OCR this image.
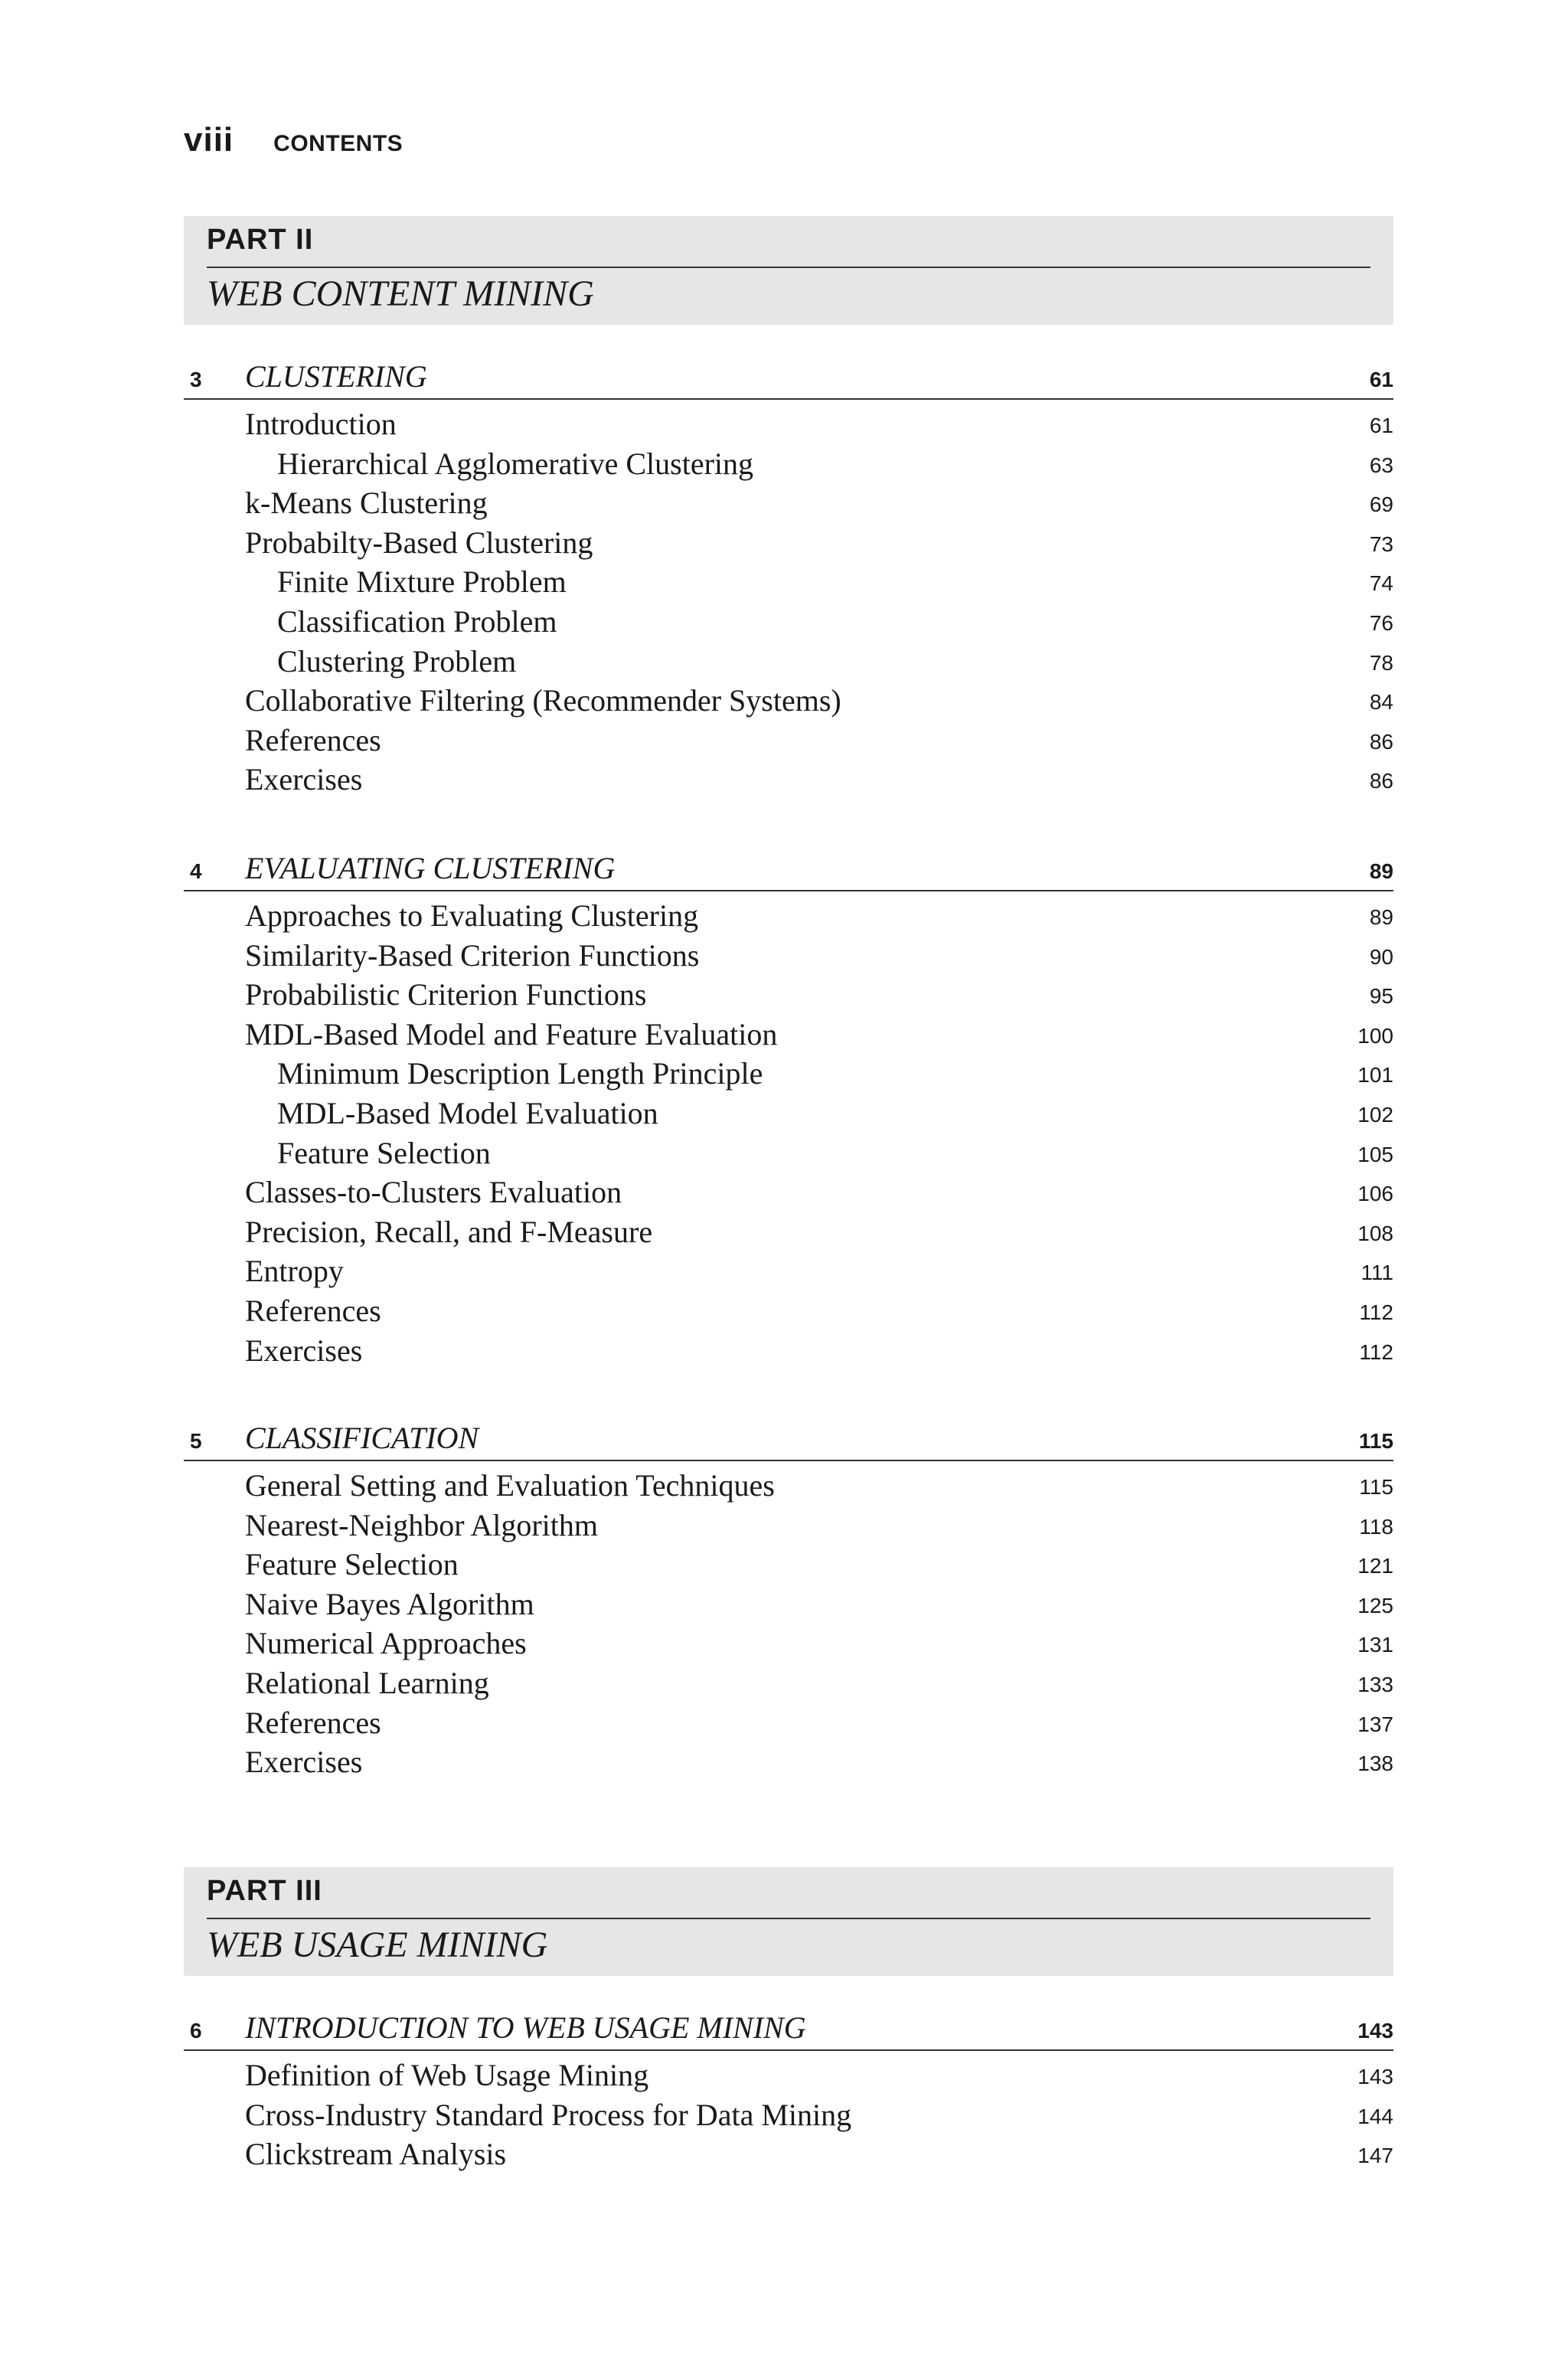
viii CONTENTS
PART II
WEB CONTENT MINING
3 CLUSTERING	61
Introduction	61
Hierarchical Agglomerative Clustering	63
k-Means Clustering	69
Probabilty-Based Clustering	73
Finite Mixture Problem	74
Classification Problem	76
Clustering Problem	78
Collaborative Filtering (Recommender Systems)	84
References	86
Exercises	86
4 EVALUATING CLUSTERING	89
Approaches to Evaluating Clustering	89
Similarity-Based Criterion Functions	90
Probabilistic Criterion Functions	95
MDL-Based Model and Feature Evaluation	100
Minimum Description Length Principle	101
MDL-Based Model Evaluation	102
Feature Selection	105
Classes-to-Clusters Evaluation	106
Precision, Recall, and F-Measure	108
Entropy	111
References	112
Exercises	112
5 CLASSIFICATION	115
General Setting and Evaluation Techniques	115
Nearest-Neighbor Algorithm	118
Feature Selection	121
Naive Bayes Algorithm	125
Numerical Approaches	131
Relational Learning	133
References	137
Exercises	138
PART III
WEB USAGE MINING
6 INTRODUCTION TO WEB USAGE MINING	143
Definition of Web Usage Mining	143
Cross-Industry Standard Process for Data Mining	144
Clickstream Analysis	147
